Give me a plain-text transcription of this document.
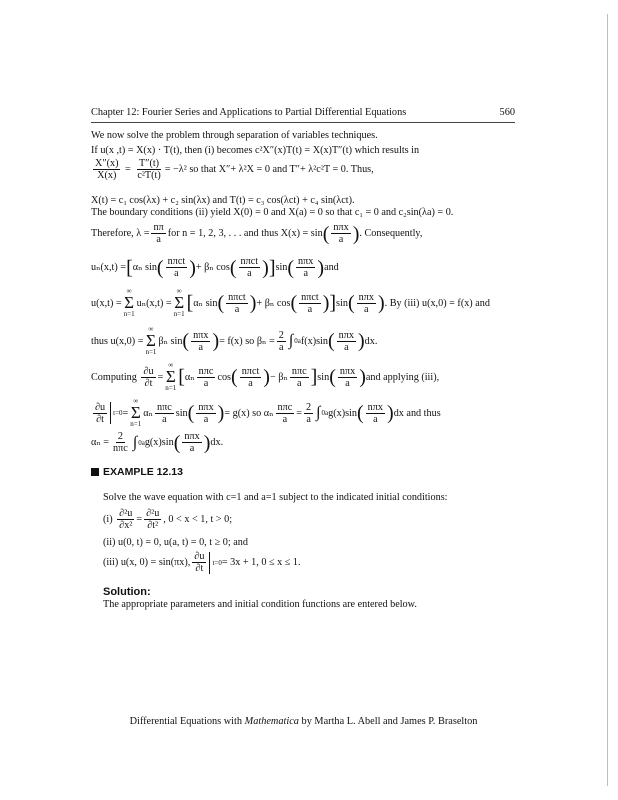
Chapter 12: Fourier Series and Applications to Partial Differential Equations	560
We now solve the problem through separation of variables techniques.
If u(x ,t) = X(x) · T(t), then (i) becomes c²X″(x)T(t) = X(x)T″(t) which results in
$\frac{X''(x)}{X(x)} = \frac{T''(t)}{\text{c²T(t)}} = -\lambda^2$ so that X″+ λ²X = 0 and T″+ λ²c²T = 0. Thus,
X(t) = c₁ cos(λx) + c₂ sin(λx) and T(t) = c₃ cos(λct) + c₄ sin(λct).
The boundary conditions (ii) yield X(0) = 0 and X(a) = 0 so that c₁ = 0 and c₂sin(λa) = 0.
Therefore, $\lambda = \frac{n\pi}{a}$ for n = 1, 2, 3, . . . and thus X(x) = sin ( $\frac{\text{nπx}}{a}$ ) . Consequently,
uₙ(x,t) = [ αₙ sin ( $\frac{\text{nπct}}{a}$ ) + βₙ cos ( $\frac{\text{nπct}}{a}$ ) ] sin ( $\frac{\text{nπx}}{a}$ ) and
u(x,t) =
∞
Σ
n=1
uₙ(x,t) =
∞
Σ
n=1 [ αₙ sin ( $\frac{\text{nπct}}{a}$ ) + βₙ cos ( $\frac{\text{nπct}}{a}$ ) ] sin ( $\frac{\text{nπx}}{a}$ ) . By (iii) u(x,0) = f(x) and
thus u(x,0) =
∞
Σ
n=1
βₙ sin ( $\frac{\text{nπx}}{a}$ ) = f(x) so $\beta_n = \frac{2}{a}$ ∫ 0 a f(x)sin ( $\frac{\text{nπx}}{a}$ ) dx.
Computing
$\frac{\partial u}{\partial t}$ =
∞
Σ
n=1 [ αₙ $\frac{\text{nπc}}{a}$ cos ( $\frac{\text{nπct}}{a}$ ) − βₙ $\frac{\text{nπc}}{a}$ ] sin ( $\frac{\text{nπx}}{a}$ ) and applying (iii),
$\frac{\partial u}{\partial t} t=0$ =
∞
Σ
n=1
αₙ $\frac{\text{nπc}}{a}$ sin ( $\frac{\text{nπx}}{a}$ ) = g(x) so αₙ $\frac{\text{nπc}}{a} = \frac{2}{a}$ ∫ 0 a g(x)sin ( $\frac{\text{nπx}}{a}$ ) dx and thus
$\alpha_n = \frac{2}{\text{nπc}}$ ∫ 0 a g(x)sin ( $\frac{\text{nπx}}{a}$ ) dx.
EXAMPLE 12.13
Solve the wave equation with c=1 and a=1 subject to the indicated initial conditions:
(i)
$\frac{\text{∂²u}}{\text{∂x²}} = \frac{\text{∂²u}}{\text{∂t²}}$ , 0 < x < 1, t > 0;
(ii) u(0, t) = 0, u(a, t) = 0, t ≥ 0; and
(iii)
u(x, 0) = sin(πx), $\frac{\partial u}{\partial t} t=0 = 3x + 1$, 0 ≤ x ≤ 1.
Solution:
The appropriate parameters and initial condition functions are entered below.
Differential Equations with Mathematica by Martha L. Abell and James P. Braselton
